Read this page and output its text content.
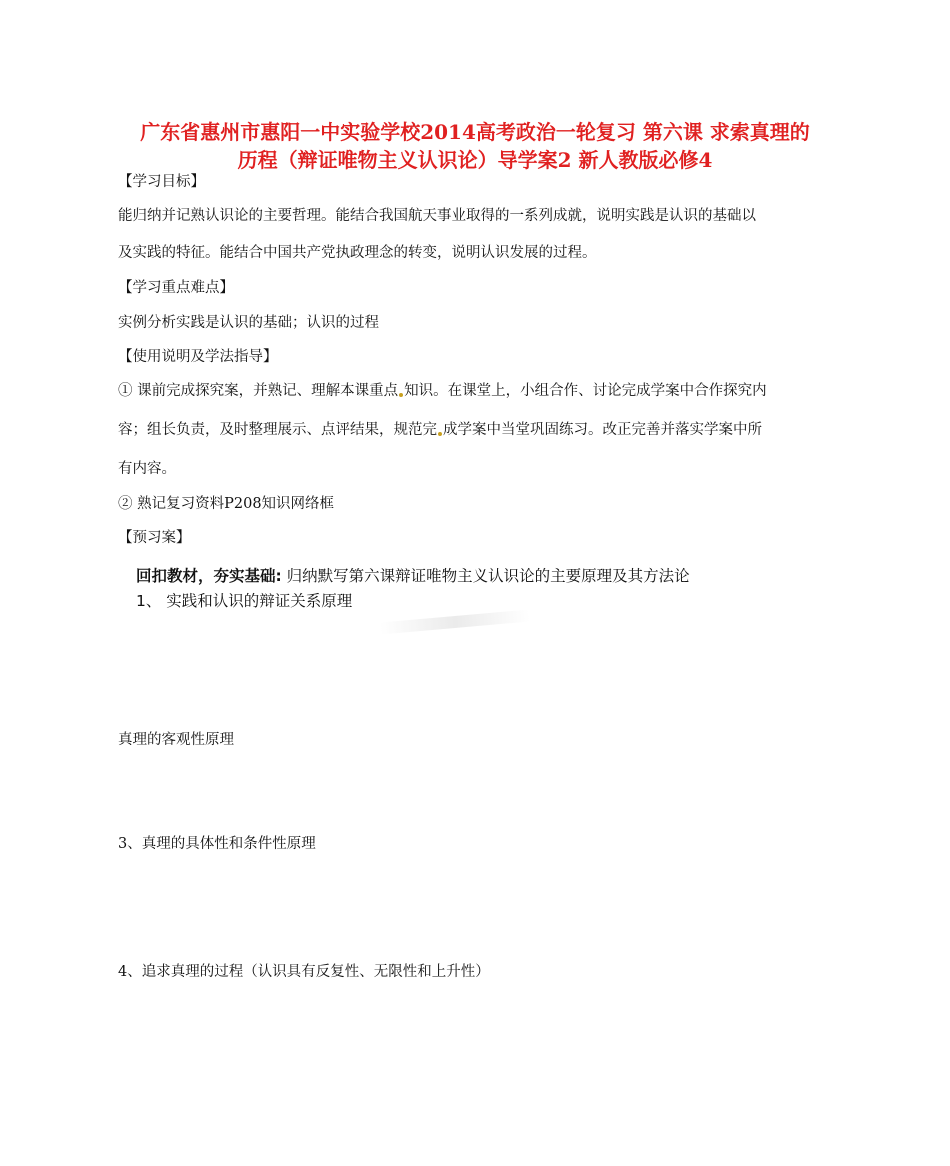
广东省惠州市惠阳一中实验学校2014高考政治一轮复习 第六课 求索真理的
历程（辩证唯物主义认识论）导学案2 新人教版必修4

【学习目标】

能归纳并记熟认识论的主要哲理。能结合我国航天事业取得的一系列成就，说明实践是认识的基础以

及实践的特征。能结合中国共产党执政理念的转变，说明认识发展的过程。

【学习重点难点】

实例分析实践是认识的基础；认识的过程

【使用说明及学法指导】

① 课前完成探究案，并熟记、理解本课重点 知识。在课堂上，小组合作、讨论完成学案中合作探究内

容；组长负责，及时整理展示、点评结果，规范完 成学案中当堂巩固练习。改正完善并落实学案中所

有内容。

② 熟记复习资料P208知识网络框

【预习案】

回扣教材，夯实基础: 归纳默写第六课辩证唯物主义认识论的主要原理及其方法论

1、 实践和认识的辩证关系原理

真理的客观性原理

3、真理的具体性和条件性原理

4、追求真理的过程（认识具有反复性、无限性和上升性）
